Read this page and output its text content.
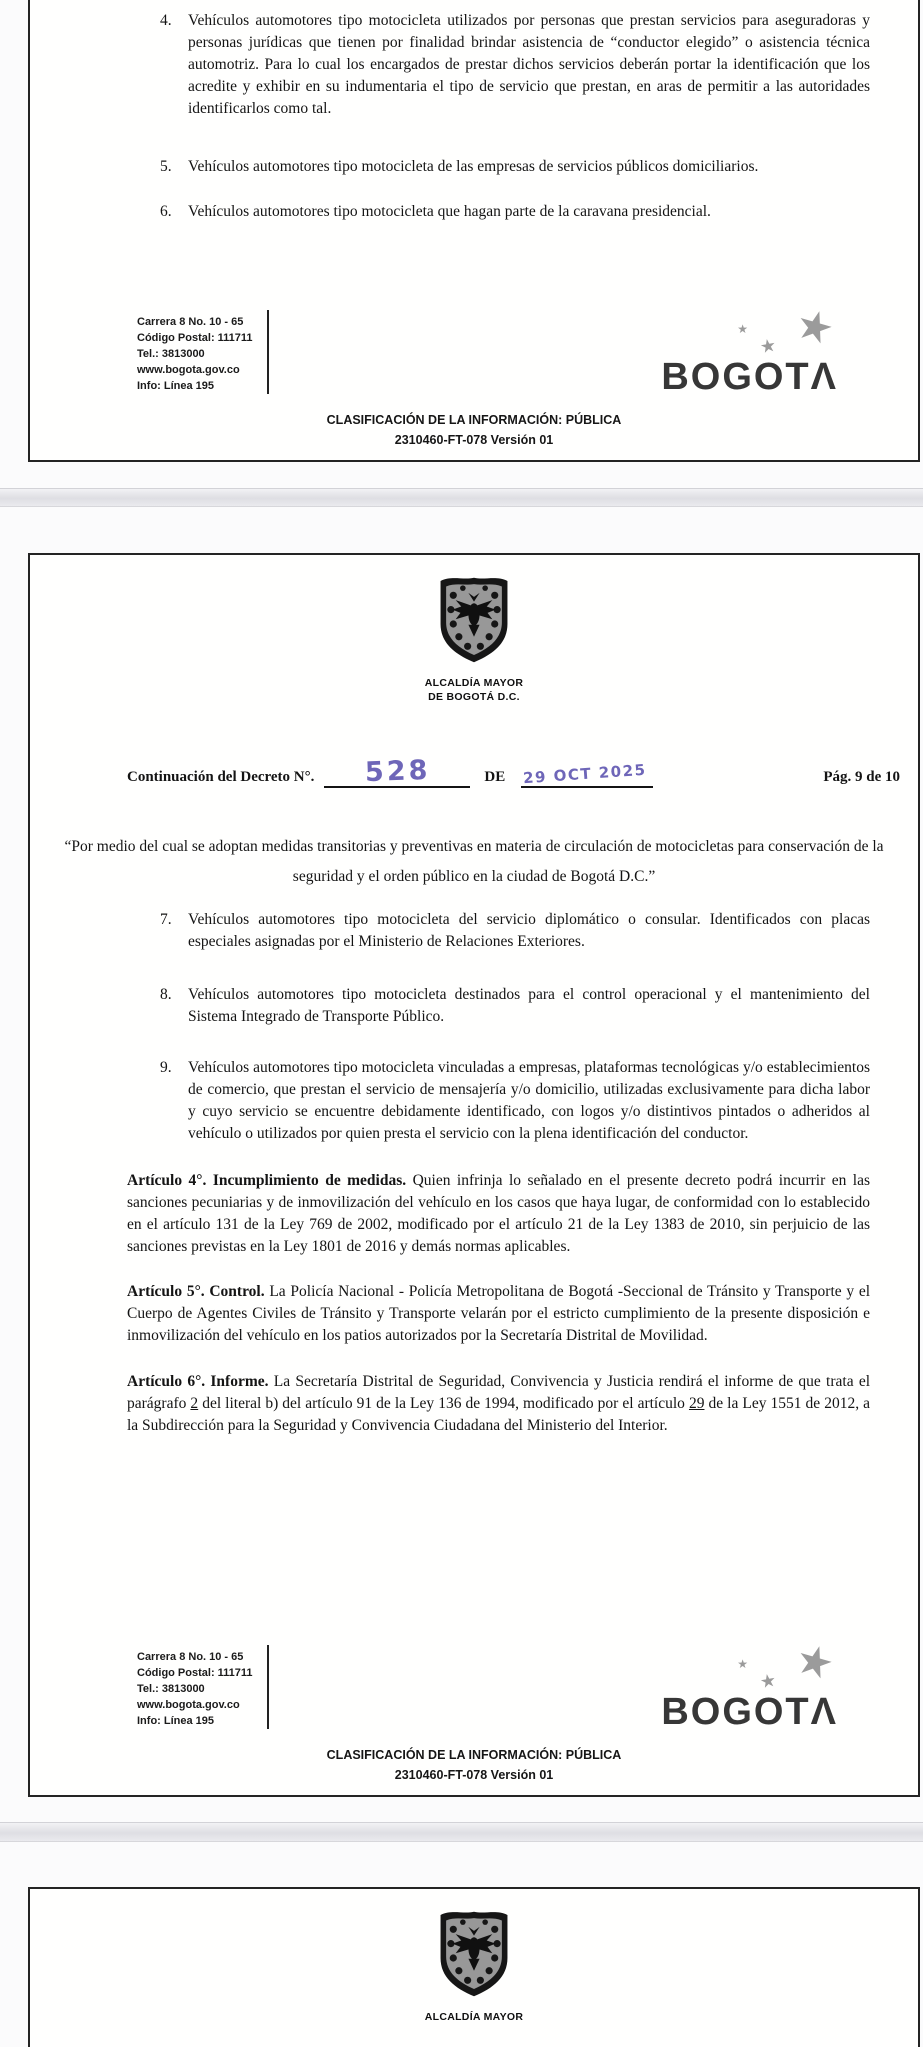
4.	Vehículos automotores tipo motocicleta utilizados por personas que prestan servicios para aseguradoras y personas jurídicas que tienen por finalidad brindar asistencia de “conductor elegido” o asistencia técnica automotriz. Para lo cual los encargados de prestar dichos servicios deberán portar la identificación que los acredite y exhibir en su indumentaria el tipo de servicio que prestan, en aras de permitir a las autoridades identificarlos como tal.
5.	Vehículos automotores tipo motocicleta de las empresas de servicios públicos domiciliarios.
6.	Vehículos automotores tipo motocicleta que hagan parte de la caravana presidencial.
Carrera 8 No. 10 - 65
Código Postal: 111711
Tel.: 3813000
www.bogota.gov.co
Info: Línea 195
★
★
★
BOGOTΛ
CLASIFICACIÓN DE LA INFORMACIÓN: PÚBLICA
2310460-FT-078 Versión 01
ALCALDÍA MAYOR
DE BOGOTÁ D.C.
Continuación del Decreto N°.	528	DE 29 OCT 2025	Pág. 9 de 10

“Por medio del cual se adoptan medidas transitorias y preventivas en materia de circulación de motocicletas para conservación de la seguridad y el orden público en la ciudad de Bogotá D.C.”

7.	Vehículos automotores tipo motocicleta del servicio diplomático o consular. Identificados con placas especiales asignadas por el Ministerio de Relaciones Exteriores.
8.	Vehículos automotores tipo motocicleta destinados para el control operacional y el mantenimiento del Sistema Integrado de Transporte Público.
9.	Vehículos automotores tipo motocicleta vinculadas a empresas, plataformas tecnológicas y/o establecimientos de comercio, que prestan el servicio de mensajería y/o domicilio, utilizadas exclusivamente para dicha labor y cuyo servicio se encuentre debidamente identificado, con logos y/o distintivos pintados o adheridos al vehículo o utilizados por quien presta el servicio con la plena identificación del conductor.

Artículo 4°. Incumplimiento de medidas. Quien infrinja lo señalado en el presente decreto podrá incurrir en las sanciones pecuniarias y de inmovilización del vehículo en los casos que haya lugar, de conformidad con lo establecido en el artículo 131 de la Ley 769 de 2002, modificado por el artículo 21 de la Ley 1383 de 2010, sin perjuicio de las sanciones previstas en la Ley 1801 de 2016 y demás normas aplicables.

Artículo 5°. Control. La Policía Nacional - Policía Metropolitana de Bogotá -Seccional de Tránsito y Transporte y el Cuerpo de Agentes Civiles de Tránsito y Transporte velarán por el estricto cumplimiento de la presente disposición e inmovilización del vehículo en los patios autorizados por la Secretaría Distrital de Movilidad.

Artículo 6°. Informe. La Secretaría Distrital de Seguridad, Convivencia y Justicia rendirá el informe de que trata el parágrafo 2 del literal b) del artículo 91 de la Ley 136 de 1994, modificado por el artículo 29 de la Ley 1551 de 2012, a la Subdirección para la Seguridad y Convivencia Ciudadana del Ministerio del Interior.

Carrera 8 No. 10 - 65
Código Postal: 111711
Tel.: 3813000
www.bogota.gov.co
Info: Línea 195
★
★
★
BOGOTΛ
CLASIFICACIÓN DE LA INFORMACIÓN: PÚBLICA
2310460-FT-078 Versión 01
ALCALDÍA MAYOR
